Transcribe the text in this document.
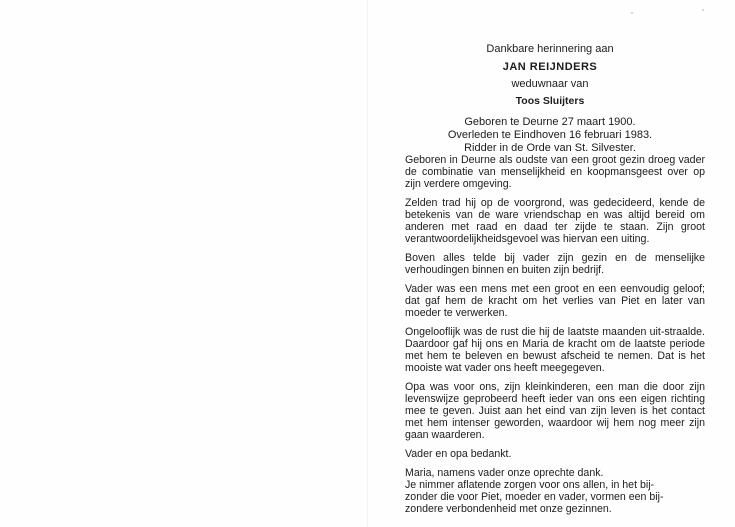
Dankbare herinnering aan
JAN REIJNDERS
weduwnaar van
Toos Sluijters
Geboren te Deurne 27 maart 1900.
Overleden te Eindhoven 16 februari 1983.
Ridder in de Orde van St. Silvester.

Geboren in Deurne als oudste van een groot gezin droeg vader de combinatie van menselijkheid en koopmansgeest over op zijn verdere omgeving.

Zelden trad hij op de voorgrond, was gedecideerd, kende de betekenis van de ware vriendschap en was altijd bereid om anderen met raad en daad ter zijde te staan. Zijn groot verantwoordelijkheidsgevoel was hiervan een uiting.

Boven alles telde bij vader zijn gezin en de menselijke verhoudingen binnen en buiten zijn bedrijf.

Vader was een mens met een groot en een eenvoudig geloof; dat gaf hem de kracht om het verlies van Piet en later van moeder te verwerken.

Ongelooflijk was de rust die hij de laatste maanden uit-straalde. Daardoor gaf hij ons en Maria de kracht om de laatste periode met hem te beleven en bewust afscheid te nemen. Dat is het mooiste wat vader ons heeft meegegeven.

Opa was voor ons, zijn kleinkinderen, een man die door zijn levenswijze geprobeerd heeft ieder van ons een eigen richting mee te geven. Juist aan het eind van zijn leven is het contact met hem intenser geworden, waardoor wij hem nog meer zijn gaan waarderen.

Vader en opa bedankt.

Maria, namens vader onze oprechte dank.
Je nimmer aflatende zorgen voor ons allen, in het bij-
zonder die voor Piet, moeder en vader, vormen een bij-
zondere verbondenheid met onze gezinnen.
